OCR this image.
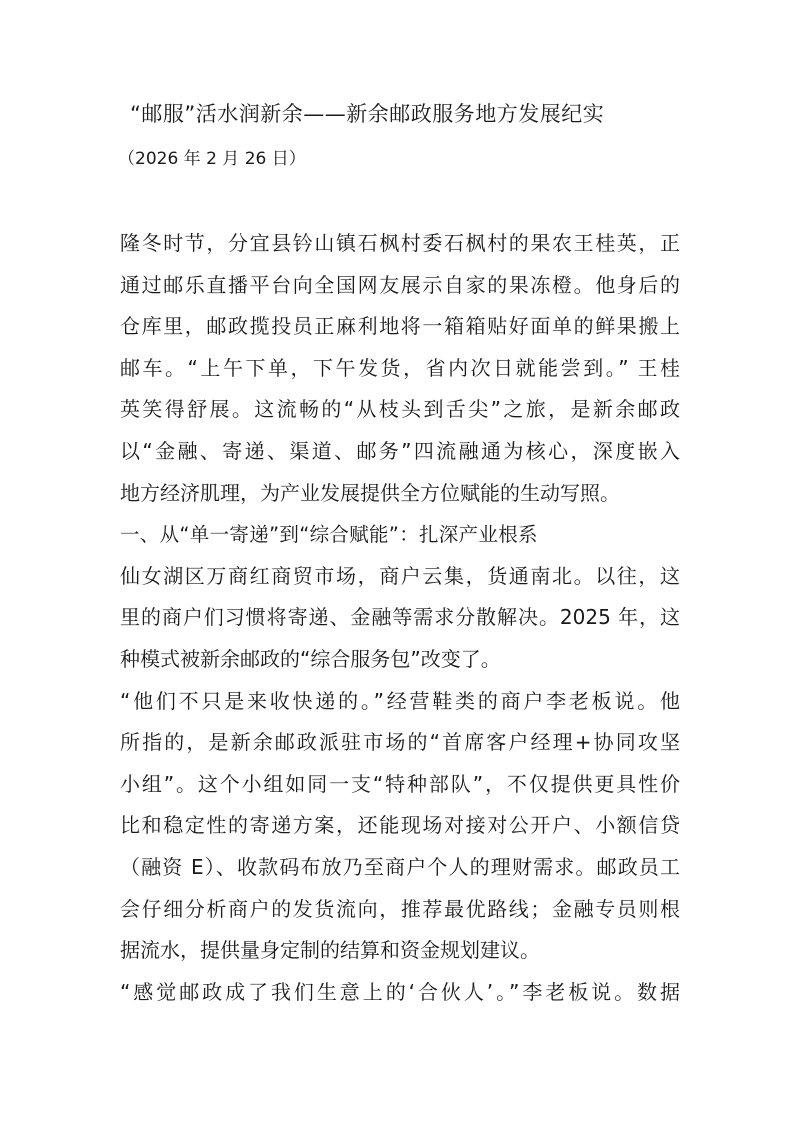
“邮服”活水润新余——新余邮政服务地方发展纪实
（2026 年 2 月 26 日）
隆冬时节，分宜县钤山镇石枫村委石枫村的果农王桂英，正
通过邮乐直播平台向全国网友展示自家的果冻橙。他身后的
仓库里，邮政揽投员正麻利地将一箱箱贴好面单的鲜果搬上
邮车。“上午下单，下午发货，省内次日就能尝到。” 王桂
英笑得舒展。这流畅的“从枝头到舌尖”之旅，是新余邮政
以“金融、寄递、渠道、邮务”四流融通为核心，深度嵌入
地方经济肌理，为产业发展提供全方位赋能的生动写照。
一、从“单一寄递”到“综合赋能”：扎深产业根系
仙女湖区万商红商贸市场，商户云集，货通南北。以往，这
里的商户们习惯将寄递、金融等需求分散解决。2025 年，这
种模式被新余邮政的“综合服务包”改变了。
“他们不只是来收快递的。”经营鞋类的商户李老板说。他
所指的，是新余邮政派驻市场的“首席客户经理+协同攻坚
小组”。这个小组如同一支“特种部队”，不仅提供更具性价
比和稳定性的寄递方案，还能现场对接对公开户、小额信贷
（融资 E）、收款码布放乃至商户个人的理财需求。邮政员工
会仔细分析商户的发货流向，推荐最优路线；金融专员则根
据流水，提供量身定制的结算和资金规划建议。
“感觉邮政成了我们生意上的‘合伙人’。”李老板说。数据
